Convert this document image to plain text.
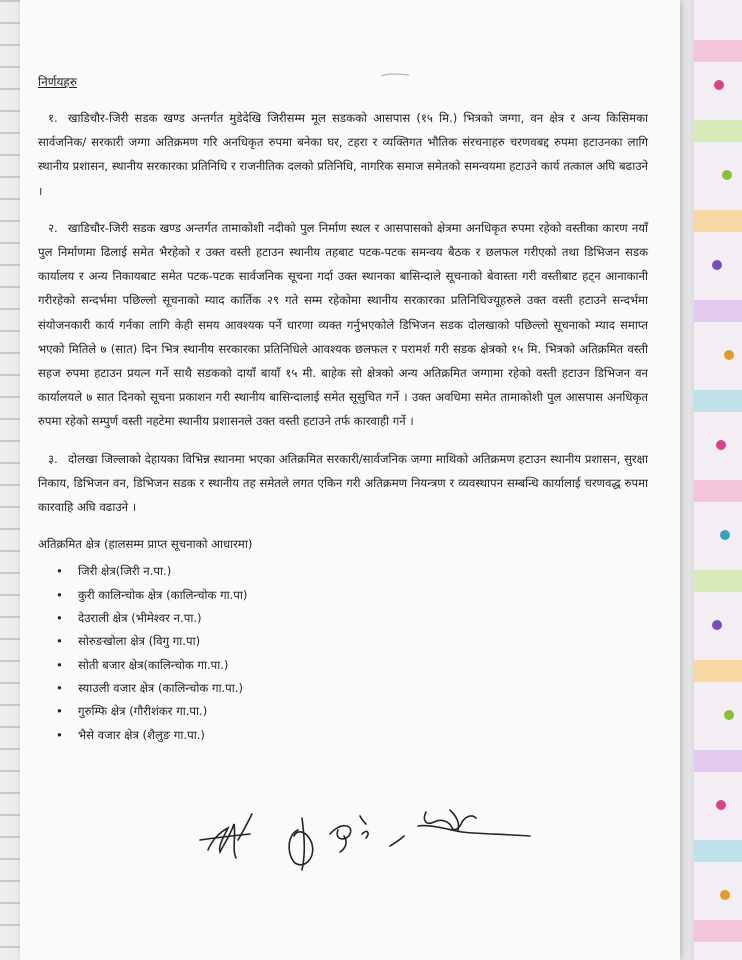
निर्णयहरु

१. खाडिचौर-जिरी सडक खण्ड अन्तर्गत मुडेदेखि जिरीसम्म मूल सडकको आसपास (१५ मि.) भित्रको जग्गा, वन क्षेत्र र अन्य किसिमका सार्वजनिक/ सरकारी जग्गा अतिक्रमण गरि अनधिकृत रुपमा बनेका घर, टहरा र व्यक्तिगत भौतिक संरचनाहरु चरणवबद्द रुपमा हटाउनका लागि स्थानीय प्रशासन, स्थानीय सरकारका प्रतिनिधि र राजनीतिक दलको प्रतिनिधि, नागरिक समाज समेतको समन्वयमा हटाउने कार्य तत्काल अघि बढाउने ।

२. खाडिचौर-जिरी सडक खण्ड अन्तर्गत तामाकोशी नदीको पुल निर्माण स्थल र आसपासको क्षेत्रमा अनधिकृत रुपमा रहेको वस्तीका कारण नयाँ पुल निर्माणमा ढिलाई समेत भैरहेको र उक्त वस्ती हटाउन स्थानीय तहबाट पटक-पटक समन्वय बैठक र छलफल गरीएको तथा डिभिजन सडक कार्यालय र अन्य निकायबाट समेत पटक-पटक सार्वजनिक सूचना गर्दा उक्त स्थानका बासिन्दाले सूचनाको बेवास्ता गरी वस्तीबाट हट्न आनाकानी गरीरहेको सन्दर्भमा पछिल्लो सूचनाको म्याद कार्तिक २९ गते सम्म रहेकोमा स्थानीय सरकारका प्रतिनिधिज्यूहरुले उक्त वस्ती हटाउने सन्दर्भमा संयोजनकारी कार्य गर्नका लागि केही समय आवश्यक पर्ने धारणा व्यक्त गर्नुभएकोले डिभिजन सडक दोलखाको पछिल्लो सूचनाको म्याद समाप्त भएको मितिले ७ (सात) दिन भित्र स्थानीय सरकारका प्रतिनिधिले आवश्यक छलफल र परामर्श गरी सडक क्षेत्रको १५ मि. भित्रको अतिक्रमित वस्ती सहज रुपमा हटाउन प्रयत्न गर्ने साथै सडकको दायाँ बायाँ १५ मी. बाहेक सो क्षेत्रको अन्य अतिक्रमित जग्गामा रहेको वस्ती हटाउन डिभिजन वन कार्यालयले ७ सात दिनको सूचना प्रकाशन गरी स्थानीय बासिन्दालाई समेत सूसुचित गर्ने । उक्त अवधिमा समेत तामाकोशी पुल आसपास अनधिकृत रुपमा रहेको सम्पुर्ण वस्ती नहटेमा स्थानीय प्रशासनले उक्त वस्ती हटाउने तर्फ कारवाही गर्ने ।

३. दोलखा जिल्लाको देहायका विभिन्न स्थानमा भएका अतिक्रमित सरकारी/सार्वजनिक जग्गा माथिको अतिक्रमण हटाउन स्थानीय प्रशासन, सुरक्षा निकाय, डिभिजन वन, डिभिजन सडक र स्थानीय तह समेतले लगत एकिन गरी अतिक्रमण नियन्त्रण र व्यवस्थापन सम्बन्धि कार्यालाई चरणवद्ध रुपमा कारवाहि अघि वढाउने ।

अतिक्रमित क्षेत्र (हालसम्म प्राप्त सूचनाको आधारमा)
• जिरी क्षेत्र(जिरी न.पा.)
• कुरी कालिन्चोक क्षेत्र (कालिन्चोक गा.पा)
• देउराली क्षेत्र (भीमेश्वर न.पा.)
• सोरुङखोला क्षेत्र (विगु गा.पा)
• सोती बजार क्षेत्र(कालिन्चोक गा.पा.)
• स्याउली वजार क्षेत्र (कालिन्चोक गा.पा.)
• गुरुम्फि क्षेत्र (गौरीशंकर गा.पा.)
• भैसे वजार क्षेत्र (शैलुङ गा.पा.)
